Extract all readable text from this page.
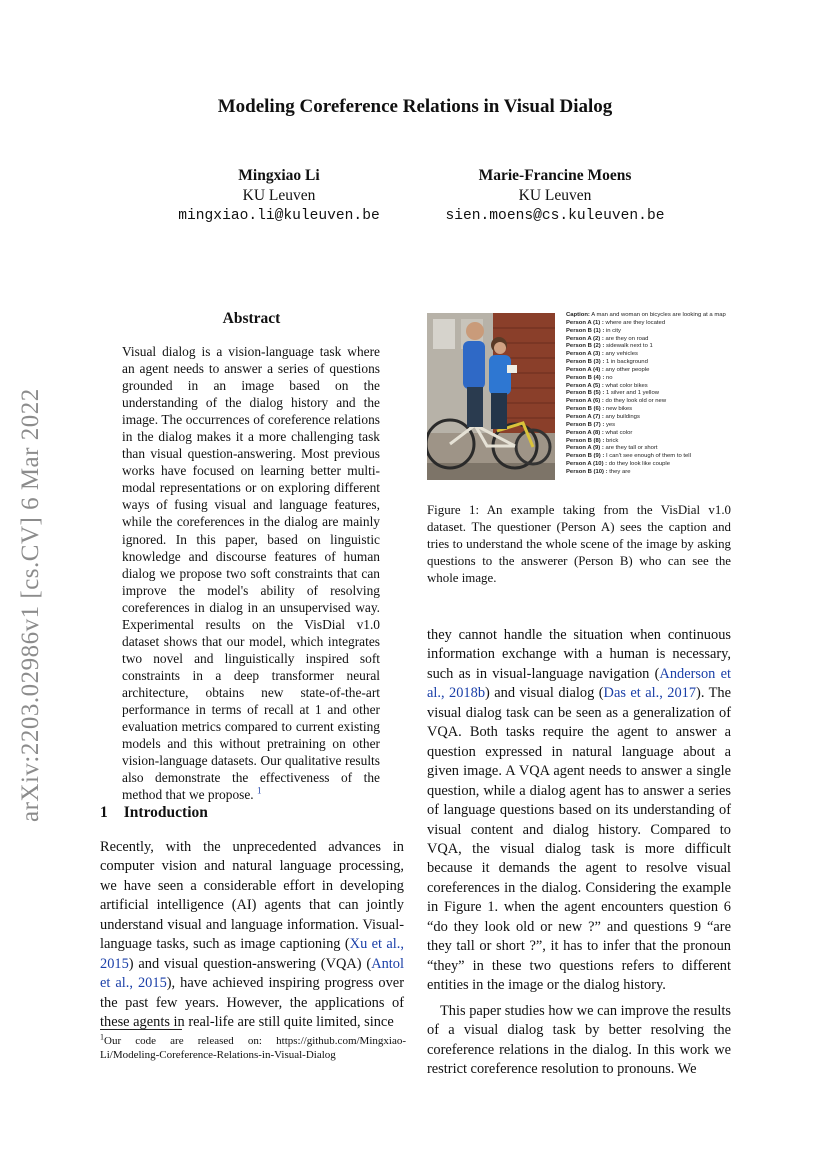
arXiv:2203.02986v1 [cs.CV] 6 Mar 2022
Modeling Coreference Relations in Visual Dialog
Mingxiao Li
KU Leuven
mingxiao.li@kuleuven.be
Marie-Francine Moens
KU Leuven
sien.moens@cs.kuleuven.be
Abstract
Visual dialog is a vision-language task where an agent needs to answer a series of questions grounded in an image based on the understanding of the dialog history and the image. The occurrences of coreference relations in the dialog makes it a more challenging task than visual question-answering. Most previous works have focused on learning better multi-modal representations or on exploring different ways of fusing visual and language features, while the coreferences in the dialog are mainly ignored. In this paper, based on linguistic knowledge and discourse features of human dialog we propose two soft constraints that can improve the model's ability of resolving coreferences in dialog in an unsupervised way. Experimental results on the VisDial v1.0 dataset shows that our model, which integrates two novel and linguistically inspired soft constraints in a deep transformer neural architecture, obtains new state-of-the-art performance in terms of recall at 1 and other evaluation metrics compared to current existing models and this without pretraining on other vision-language datasets. Our qualitative results also demonstrate the effectiveness of the method that we propose. $^1$
1 Introduction
Recently, with the unprecedented advances in computer vision and natural language processing, we have seen a considerable effort in developing artificial intelligence (AI) agents that can jointly understand visual and language information. Visual-language tasks, such as image captioning (Xu et al., 2015) and visual question-answering (VQA) (Antol et al., 2015), have achieved inspiring progress over the past few years. However, the applications of these agents in real-life are still quite limited, since
$^1$Our code are released on: https://github.com/Mingxiao-Li/Modeling-Coreference-Relations-in-Visual-Dialog
Caption: A man and woman on bicycles are looking at a map
Person A (1) : where are they located
Person B (1) : in city
Person A (2) : are they on road
Person B (2) : sidewalk next to 1
Person A (3) : any vehicles
Person B (3) : 1 in background
Person A (4) : any other people
Person B (4) : no
Person A (5) : what color bikes
Person B (5) : 1 silver and 1 yellow
Person A (6) : do they look old or new
Person B (6) : new bikes
Person A (7) : any buildings
Person B (7) : yes
Person A (8) : what color
Person B (8) : brick
Person A (9) : are they tall or short
Person B (9) : I can't see enough of them to tell
Person A (10) : do they look like couple
Person B (10) : they are
Figure 1: An example taking from the VisDial v1.0 dataset. The questioner (Person A) sees the caption and tries to understand the whole scene of the image by asking questions to the answerer (Person B) who can see the whole image.

they cannot handle the situation when continuous information exchange with a human is necessary, such as in visual-language navigation (Anderson et al., 2018b) and visual dialog (Das et al., 2017). The visual dialog task can be seen as a generalization of VQA. Both tasks require the agent to answer a question expressed in natural language about a given image. A VQA agent needs to answer a single question, while a dialog agent has to answer a series of language questions based on its understanding of visual content and dialog history. Compared to VQA, the visual dialog task is more difficult because it demands the agent to resolve visual coreferences in the dialog. Considering the example in Figure 1. when the agent encounters question 6 “do they look old or new ?” and questions 9 “are they tall or short ?”, it has to infer that the pronoun “they” in these two questions refers to different entities in the image or the dialog history.

This paper studies how we can improve the results of a visual dialog task by better resolving the coreference relations in the dialog. In this work we restrict coreference resolution to pronouns. We
